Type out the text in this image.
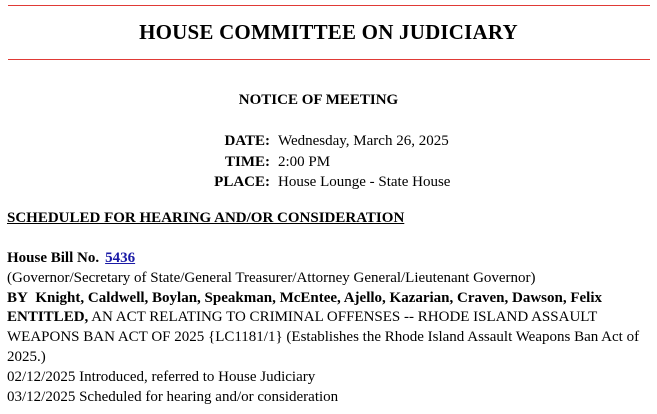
HOUSE COMMITTEE ON JUDICIARY
NOTICE OF MEETING
DATE: Wednesday, March 26, 2025
TIME: 2:00 PM
PLACE: House Lounge - State House
SCHEDULED FOR HEARING AND/OR CONSIDERATION
House Bill No. 5436
(Governor/Secretary of State/General Treasurer/Attorney General/Lieutenant Governor)
BY Knight, Caldwell, Boylan, Speakman, McEntee, Ajello, Kazarian, Craven, Dawson, Felix
ENTITLED, AN ACT RELATING TO CRIMINAL OFFENSES -- RHODE ISLAND ASSAULT WEAPONS BAN ACT OF 2025 {LC1181/1} (Establishes the Rhode Island Assault Weapons Ban Act of 2025.)
02/12/2025 Introduced, referred to House Judiciary
03/12/2025 Scheduled for hearing and/or consideration
